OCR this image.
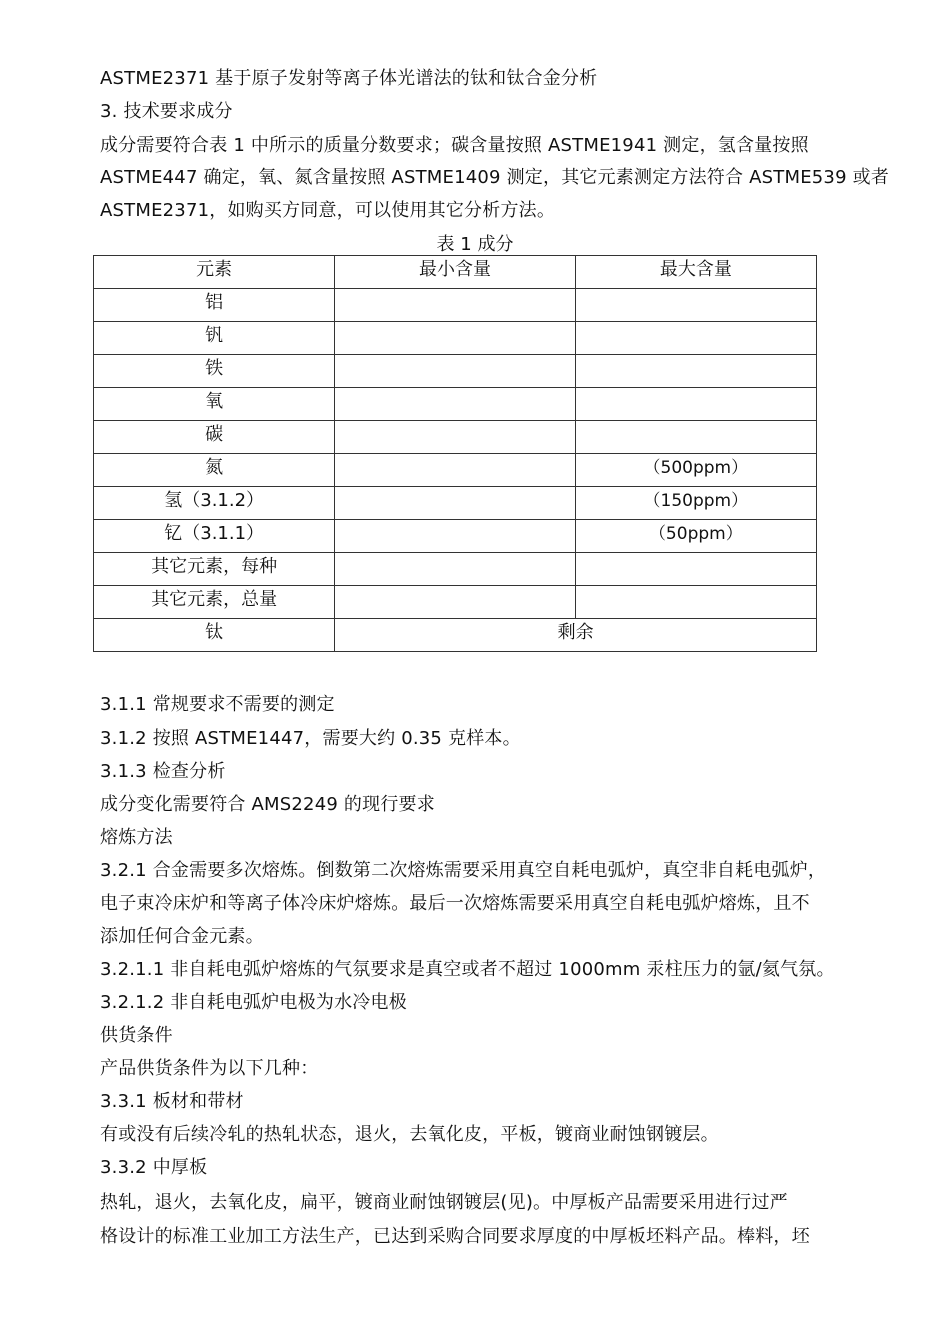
ASTME2371 基于原子发射等离子体光谱法的钛和钛合金分析
3. 技术要求成分
成分需要符合表 1 中所示的质量分数要求；碳含量按照 ASTME1941 测定，氢含量按照
ASTME447 确定，氧、氮含量按照 ASTME1409 测定，其它元素测定方法符合 ASTME539 或者
ASTME2371，如购买方同意，可以使用其它分析方法。
表 1 成分
元素	最小含量	最大含量
铝		
钒		
铁		
氧		
碳		
氮		（500ppm）
氢（3.1.2）		（150ppm）
钇（3.1.1）		（50ppm）
其它元素，每种		
其它元素，总量		
钛	剩余	
3.1.1 常规要求不需要的测定
3.1.2 按照 ASTME1447，需要大约 0.35 克样本。
3.1.3 检查分析
成分变化需要符合 AMS2249 的现行要求
熔炼方法
3.2.1 合金需要多次熔炼。倒数第二次熔炼需要采用真空自耗电弧炉，真空非自耗电弧炉，
电子束冷床炉和等离子体冷床炉熔炼。最后一次熔炼需要采用真空自耗电弧炉熔炼，且不
添加任何合金元素。
3.2.1.1 非自耗电弧炉熔炼的气氛要求是真空或者不超过 1000mm 汞柱压力的氩/氦气氛。
3.2.1.2 非自耗电弧炉电极为水冷电极
供货条件
产品供货条件为以下几种：
3.3.1 板材和带材
有或没有后续冷轧的热轧状态，退火，去氧化皮，平板，镀商业耐蚀钢镀层。
3.3.2 中厚板
热轧，退火，去氧化皮，扁平，镀商业耐蚀钢镀层(见)。中厚板产品需要采用进行过严
格设计的标准工业加工方法生产，已达到采购合同要求厚度的中厚板坯料产品。棒料，坯
